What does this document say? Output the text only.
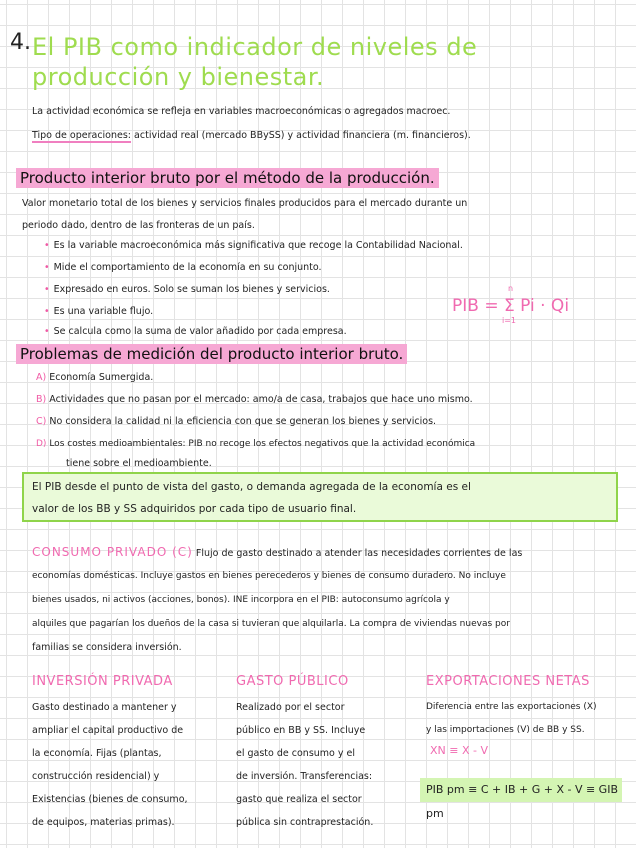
4. El PIB como indicador de niveles de producción y bienestar.
La actividad económica se refleja en variables macroeconómicas o agregados macroec.
Tipo de operaciones: actividad real (mercado BBySS) y actividad financiera (m. financieros).
Producto interior bruto por el método de la producción.
Valor monetario total de los bienes y servicios finales producidos para el mercado durante un
periodo dado, dentro de las fronteras de un país.
• Es la variable macroeconómica más significativa que recoge la Contabilidad Nacional.
• Mide el comportamiento de la economía en su conjunto.
• Expresado en euros. Solo se suman los bienes y servicios.
• Es una variable flujo.
• Se calcula como la suma de valor añadido por cada empresa.
PIB = Σ Pi · Qi
n
i=1
Problemas de medición del producto interior bruto.
A) Economía Sumergida.
B) Actividades que no pasan por el mercado: amo/a de casa, trabajos que hace uno mismo.
C) No considera la calidad ni la eficiencia con que se generan los bienes y servicios.
D) Los costes medioambientales: PIB no recoge los efectos negativos que la actividad económica
tiene sobre el medioambiente.
El PIB desde el punto de vista del gasto, o demanda agregada de la economía es el
valor de los BB y SS adquiridos por cada tipo de usuario final.
CONSUMO PRIVADO (C) Flujo de gasto destinado a atender las necesidades corrientes de las
economías domésticas. Incluye gastos en bienes perecederos y bienes de consumo duradero. No incluye
bienes usados, ni activos (acciones, bonos). INE incorpora en el PIB: autoconsumo agrícola y
alquiles que pagarían los dueños de la casa si tuvieran que alquilarla. La compra de viviendas nuevas por
familias se considera inversión.
INVERSIÓN PRIVADA
Gasto destinado a mantener y
ampliar el capital productivo de
la economía. Fijas (plantas,
construcción residencial) y
Existencias (bienes de consumo,
de equipos, materias primas).
GASTO PÚBLICO
Realizado por el sector
público en BB y SS. Incluye
el gasto de consumo y el
de inversión. Transferencias:
gasto que realiza el sector
pública sin contraprestación.
EXPORTACIONES NETAS
Diferencia entre las exportaciones (X)
y las importaciones (V) de BB y SS.
XN ≡ X - V
PIB pm ≡ C + IB + G + X - V ≡ GIB pm
